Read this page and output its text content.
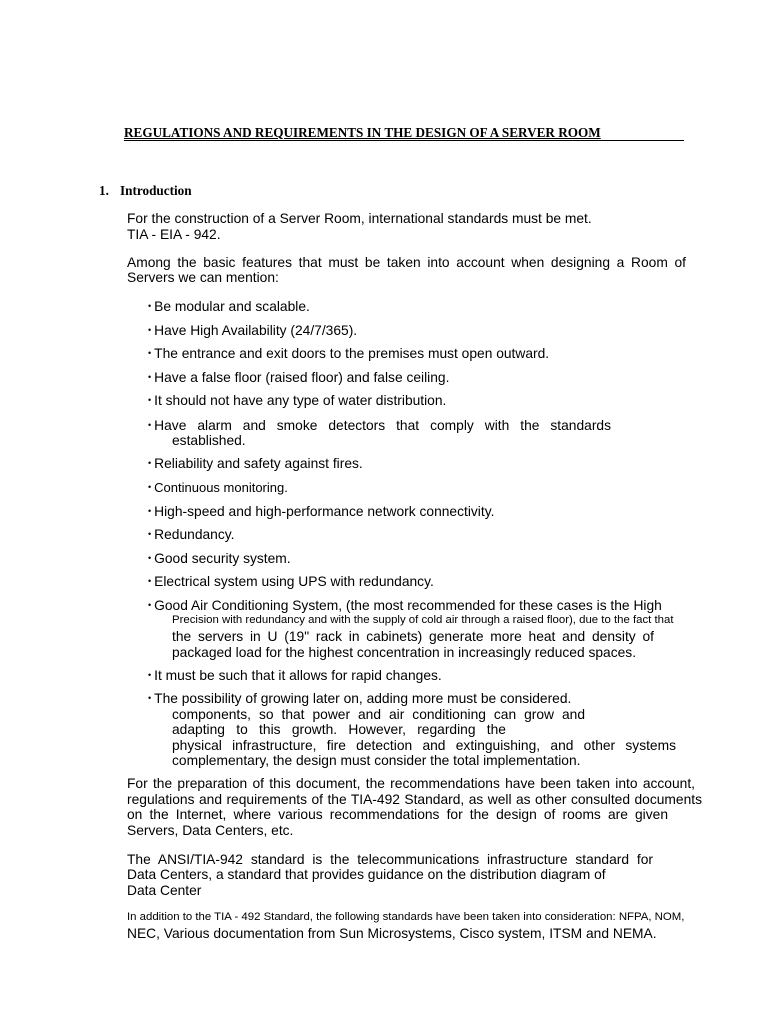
REGULATIONS AND REQUIREMENTS IN THE DESIGN OF A SERVER ROOM
1. Introduction
For the construction of a Server Room, international standards must be met.
TIA - EIA - 942.
Among the basic features that must be taken into account when designing a Room of
Servers we can mention:
• Be modular and scalable.
• Have High Availability (24/7/365).
• The entrance and exit doors to the premises must open outward.
• Have a false floor (raised floor) and false ceiling.
• It should not have any type of water distribution.
• Have alarm and smoke detectors that comply with the standards
established.
• Reliability and safety against fires.
• Continuous monitoring.
• High-speed and high-performance network connectivity.
• Redundancy.
• Good security system.
• Electrical system using UPS with redundancy.
• Good Air Conditioning System, (the most recommended for these cases is the High
Precision with redundancy and with the supply of cold air through a raised floor), due to the fact that
the servers in U (19" rack in cabinets) generate more heat and density of
packaged load for the highest concentration in increasingly reduced spaces.
• It must be such that it allows for rapid changes.
• The possibility of growing later on, adding more must be considered.
components, so that power and air conditioning can grow and
adapting to this growth. However, regarding the
physical infrastructure, fire detection and extinguishing, and other systems
complementary, the design must consider the total implementation.
For the preparation of this document, the recommendations have been taken into account,
regulations and requirements of the TIA-492 Standard, as well as other consulted documents
on the Internet, where various recommendations for the design of rooms are given
Servers, Data Centers, etc.
The ANSI/TIA-942 standard is the telecommunications infrastructure standard for
Data Centers, a standard that provides guidance on the distribution diagram of
Data Center
In addition to the TIA - 492 Standard, the following standards have been taken into consideration: NFPA, NOM,
NEC, Various documentation from Sun Microsystems, Cisco system, ITSM and NEMA.
